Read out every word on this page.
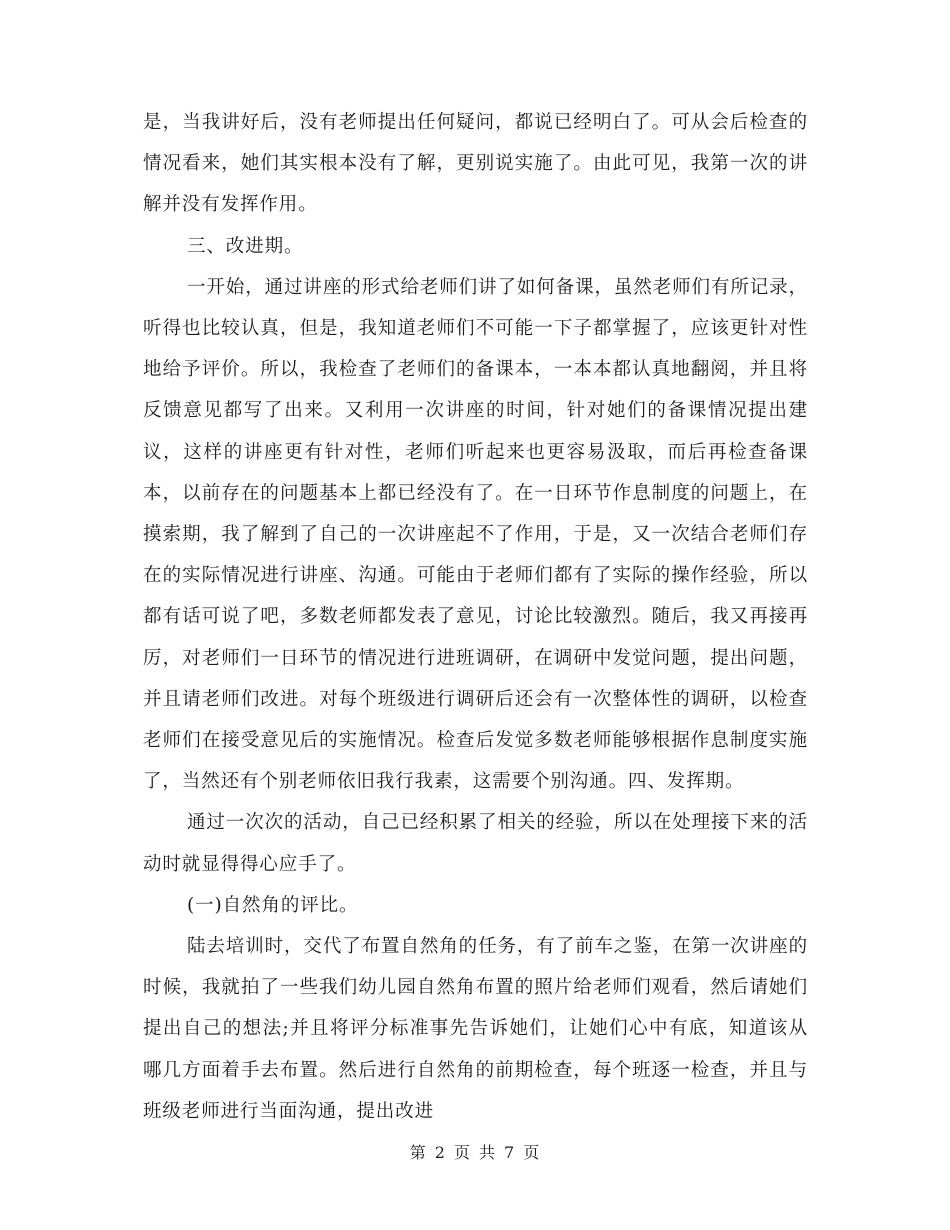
是，当我讲好后，没有老师提出任何疑问，都说已经明白了。可从会后检查的情况看来，她们其实根本没有了解，更别说实施了。由此可见，我第一次的讲解并没有发挥作用。

三、改进期。

一开始，通过讲座的形式给老师们讲了如何备课，虽然老师们有所记录，听得也比较认真，但是，我知道老师们不可能一下子都掌握了，应该更针对性地给予评价。所以，我检查了老师们的备课本，一本本都认真地翻阅，并且将反馈意见都写了出来。又利用一次讲座的时间，针对她们的备课情况提出建议，这样的讲座更有针对性，老师们听起来也更容易汲取，而后再检查备课本，以前存在的问题基本上都已经没有了。在一日环节作息制度的问题上，在摸索期，我了解到了自己的一次讲座起不了作用，于是，又一次结合老师们存在的实际情况进行讲座、沟通。可能由于老师们都有了实际的操作经验，所以都有话可说了吧，多数老师都发表了意见，讨论比较激烈。随后，我又再接再厉，对老师们一日环节的情况进行进班调研，在调研中发觉问题，提出问题，并且请老师们改进。对每个班级进行调研后还会有一次整体性的调研，以检查老师们在接受意见后的实施情况。检查后发觉多数老师能够根据作息制度实施了，当然还有个别老师依旧我行我素，这需要个别沟通。四、发挥期。

通过一次次的活动，自己已经积累了相关的经验，所以在处理接下来的活动时就显得得心应手了。

(一)自然角的评比。

陆去培训时，交代了布置自然角的任务，有了前车之鉴，在第一次讲座的时候，我就拍了一些我们幼儿园自然角布置的照片给老师们观看，然后请她们提出自己的想法;并且将评分标准事先告诉她们，让她们心中有底，知道该从哪几方面着手去布置。然后进行自然角的前期检查，每个班逐一检查，并且与班级老师进行当面沟通，提出改进

第 2 页 共 7 页
